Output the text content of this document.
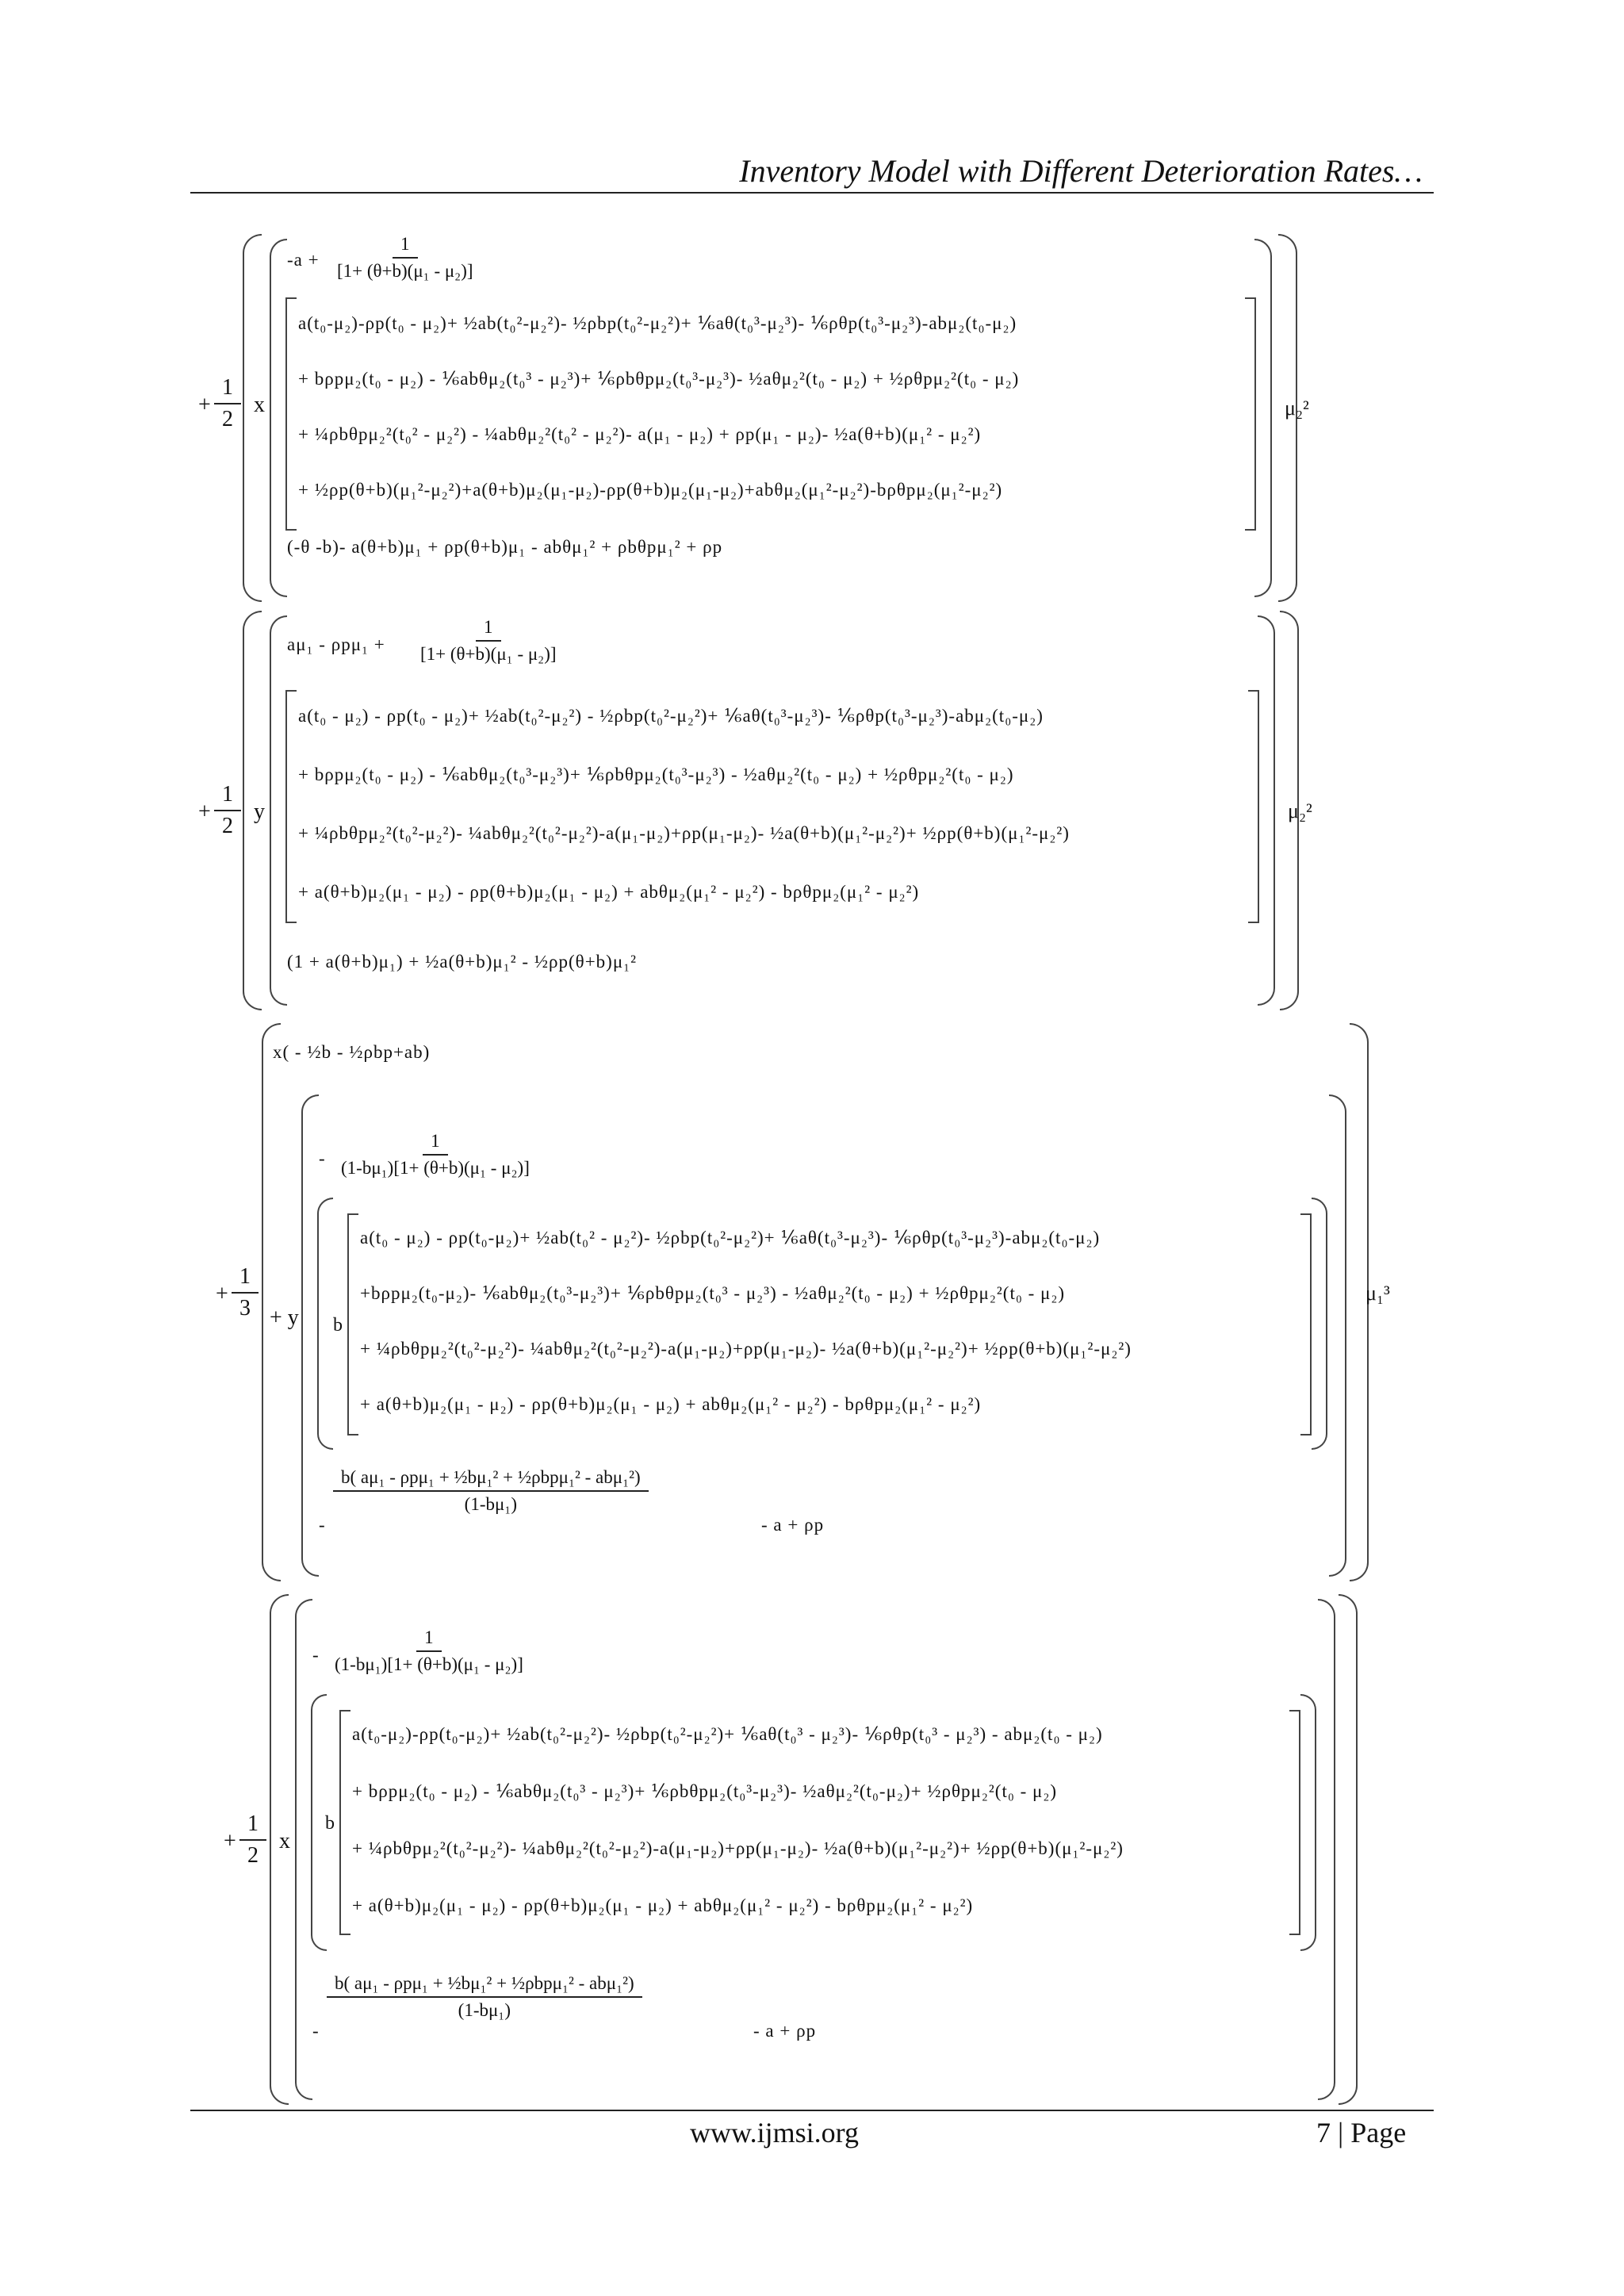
Inventory Model with Different Deterioration Rates…
+ $\frac{1}{2}$ x
$-a + \frac{1}{\text{[1+ (θ+b)(μ₁ - μ₂)]}}$
a(t₀-μ₂)-ρp(t₀ - μ₂)+ ½ab(t₀²-μ₂²)- ½ρbp(t₀²-μ₂²)+ ⅙aθ(t₀³-μ₂³)- ⅙ρθp(t₀³-μ₂³)-abμ₂(t₀-μ₂)
+ bρpμ₂(t₀ - μ₂) - ⅙abθμ₂(t₀³ - μ₂³)+ ⅙ρbθpμ₂(t₀³-μ₂³)- ½aθμ₂²(t₀ - μ₂) + ½ρθpμ₂²(t₀ - μ₂)
+ ¼ρbθpμ₂²(t₀² - μ₂²) - ¼abθμ₂²(t₀² - μ₂²)- a(μ₁ - μ₂) + ρp(μ₁ - μ₂)- ½a(θ+b)(μ₁² - μ₂²)
+ ½ρp(θ+b)(μ₁²-μ₂²)+a(θ+b)μ₂(μ₁-μ₂)-ρp(θ+b)μ₂(μ₁-μ₂)+abθμ₂(μ₁²-μ₂²)-bρθpμ₂(μ₁²-μ₂²)
(-θ -b)- a(θ+b)μ₁ + ρp(θ+b)μ₁ - abθμ₁² + ρbθpμ₁² + ρp
μ₂²
+ $\frac{1}{2}$ y
$a\mu_1 - \rho p\mu_1 + \frac{1}{\text{[1+ (θ+b)(μ₁ - μ₂)]}}$
a(t₀ - μ₂) - ρp(t₀ - μ₂)+ ½ab(t₀²-μ₂²) - ½ρbp(t₀²-μ₂²)+ ⅙aθ(t₀³-μ₂³)- ⅙ρθp(t₀³-μ₂³)-abμ₂(t₀-μ₂)
+ bρpμ₂(t₀ - μ₂) - ⅙abθμ₂(t₀³-μ₂³)+ ⅙ρbθpμ₂(t₀³-μ₂³) - ½aθμ₂²(t₀ - μ₂) + ½ρθpμ₂²(t₀ - μ₂)
+ ¼ρbθpμ₂²(t₀²-μ₂²)- ¼abθμ₂²(t₀²-μ₂²)-a(μ₁-μ₂)+ρp(μ₁-μ₂)- ½a(θ+b)(μ₁²-μ₂²)+ ½ρp(θ+b)(μ₁²-μ₂²)
+ a(θ+b)μ₂(μ₁ - μ₂) - ρp(θ+b)μ₂(μ₁ - μ₂) + abθμ₂(μ₁² - μ₂²) - bρθpμ₂(μ₁² - μ₂²)
(1 + a(θ+b)μ₁) + ½a(θ+b)μ₁² - ½ρp(θ+b)μ₁²
μ₂²
+ $\frac{1}{3}$
x( - ½b - ½ρbp+ab)
+ y
- $\frac{1}{\text{(1-bμ₁)[1+ (θ+b)(μ₁ - μ₂)]}}$
b
a(t₀ - μ₂) - ρp(t₀-μ₂)+ ½ab(t₀² - μ₂²)- ½ρbp(t₀²-μ₂²)+ ⅙aθ(t₀³-μ₂³)- ⅙ρθp(t₀³-μ₂³)-abμ₂(t₀-μ₂)
+bρpμ₂(t₀-μ₂)- ⅙abθμ₂(t₀³-μ₂³)+ ⅙ρbθpμ₂(t₀³ - μ₂³) - ½aθμ₂²(t₀ - μ₂) + ½ρθpμ₂²(t₀ - μ₂)
+ ¼ρbθpμ₂²(t₀²-μ₂²)- ¼abθμ₂²(t₀²-μ₂²)-a(μ₁-μ₂)+ρp(μ₁-μ₂)- ½a(θ+b)(μ₁²-μ₂²)+ ½ρp(θ+b)(μ₁²-μ₂²)
+ a(θ+b)μ₂(μ₁ - μ₂) - ρp(θ+b)μ₂(μ₁ - μ₂) + abθμ₂(μ₁² - μ₂²) - bρθpμ₂(μ₁² - μ₂²)
-
b( aμ₁ - ρpμ₁ + ½bμ₁² + ½ρbpμ₁² - abμ₁²)
(1-bμ₁)
- a + ρp
μ₁³
+ $\frac{1}{2}$ x
- $\frac{1}{\text{(1-bμ₁)[1+ (θ+b)(μ₁ - μ₂)]}}$
b
a(t₀-μ₂)-ρp(t₀-μ₂)+ ½ab(t₀²-μ₂²)- ½ρbp(t₀²-μ₂²)+ ⅙aθ(t₀³ - μ₂³)- ⅙ρθp(t₀³ - μ₂³) - abμ₂(t₀ - μ₂)
+ bρpμ₂(t₀ - μ₂) - ⅙abθμ₂(t₀³ - μ₂³)+ ⅙ρbθpμ₂(t₀³-μ₂³)- ½aθμ₂²(t₀-μ₂)+ ½ρθpμ₂²(t₀ - μ₂)
+ ¼ρbθpμ₂²(t₀²-μ₂²)- ¼abθμ₂²(t₀²-μ₂²)-a(μ₁-μ₂)+ρp(μ₁-μ₂)- ½a(θ+b)(μ₁²-μ₂²)+ ½ρp(θ+b)(μ₁²-μ₂²)
+ a(θ+b)μ₂(μ₁ - μ₂) - ρp(θ+b)μ₂(μ₁ - μ₂) + abθμ₂(μ₁² - μ₂²) - bρθpμ₂(μ₁² - μ₂²)
-
b( aμ₁ - ρpμ₁ + ½bμ₁² + ½ρbpμ₁² - abμ₁²)
(1-bμ₁)
- a + ρp
www.ijmsi.org	7 | Page
